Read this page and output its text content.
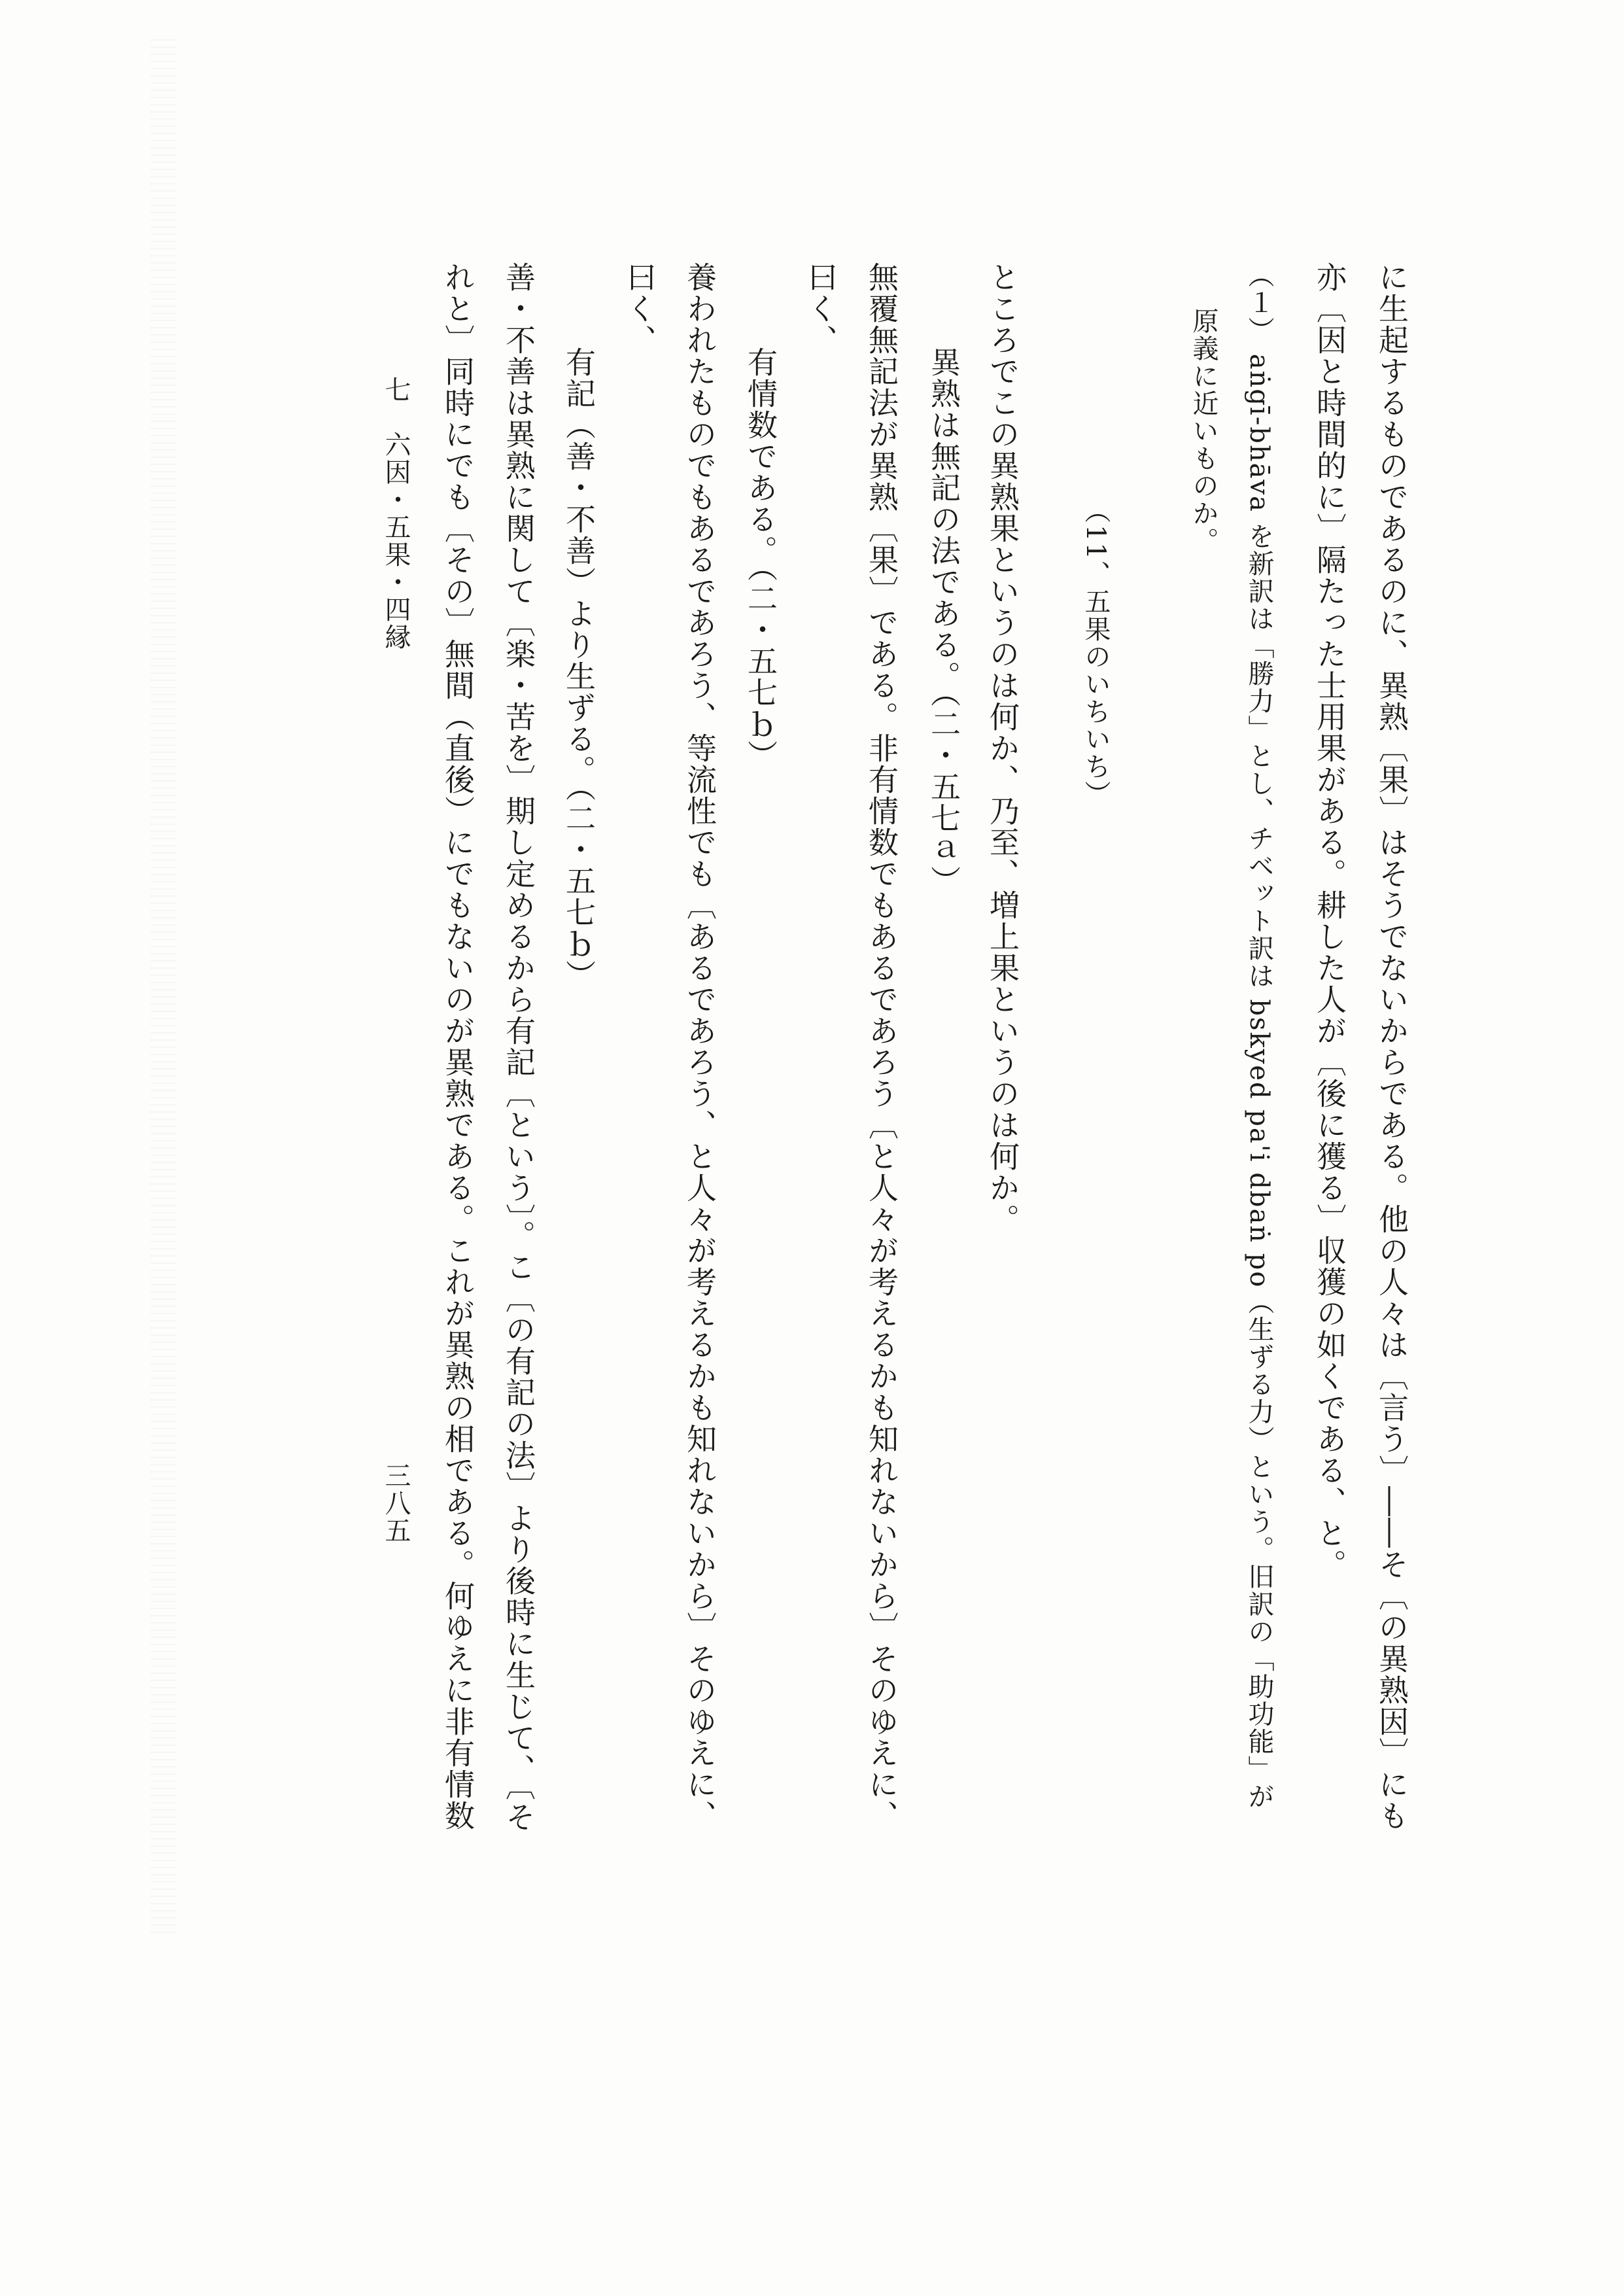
に生起するものであるのに、異熟〔果〕はそうでないからである。他の人々は〔言う〕――そ〔の異熟因〕にも
亦〔因と時間的に〕隔たった士用果がある。耕した人が〔後に獲る〕収獲の如くである、と。
（１） aṅgī-bhāva を新訳は「勝力」とし、チベット訳は bskyed pa'i dbaṅ po（生ずる力）という。旧訳の「助功能」が
原義に近いものか。
（11、五果のいちいち）
ところでこの異熟果というのは何か、乃至、増上果というのは何か。
異熟は無記の法である。（二・五七ａ）
無覆無記法が異熟〔果〕である。非有情数でもあるであろう〔と人々が考えるかも知れないから〕そのゆえに、
曰く、
有情数である。（二・五七ｂ）
養われたものでもあるであろう、等流性でも〔あるであろう、と人々が考えるかも知れないから〕そのゆえに、
曰く、
有記（善・不善）より生ずる。（二・五七ｂ）
善・不善は異熟に関して〔楽・苦を〕期し定めるから有記〔という〕。こ〔の有記の法〕より後時に生じて、〔そ
れと〕同時にでも〔その〕無間（直後）にでもないのが異熟である。これが異熟の相である。何ゆえに非有情数
七　六因・五果・四縁
三八五
